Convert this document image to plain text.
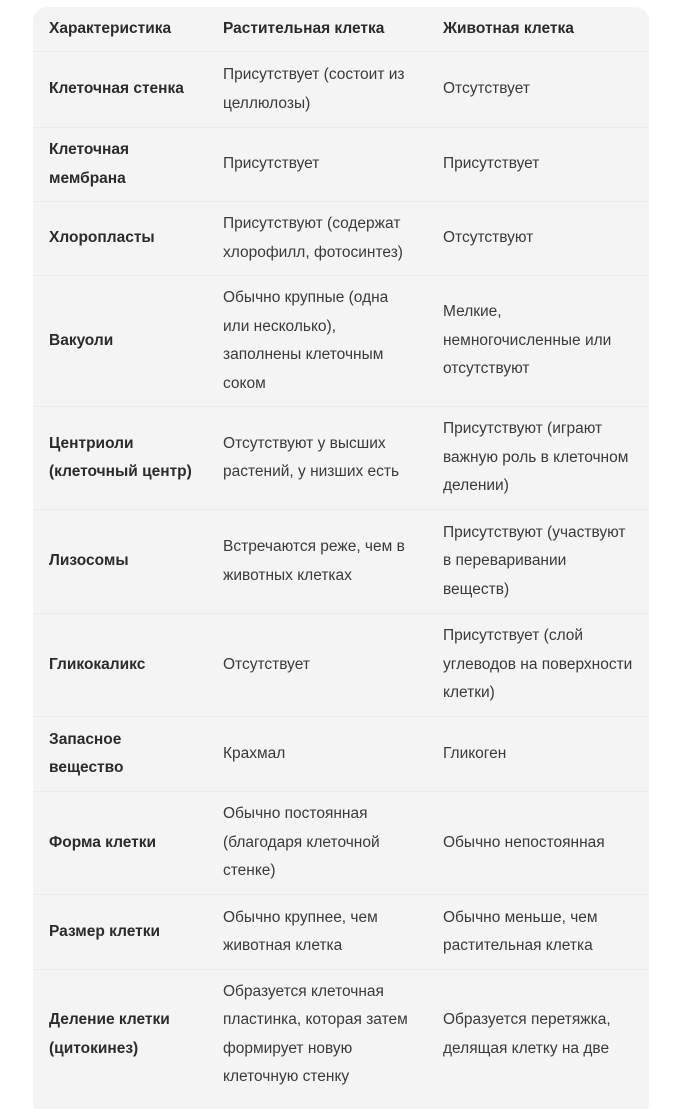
Характеристика	Растительная клетка	Животная клетка
Клеточная стенка	Присутствует (состоит из целлюлозы)	Отсутствует
Клеточная мембрана	Присутствует	Присутствует
Хлоропласты	Присутствуют (содержат хлорофилл, фотосинтез)	Отсутствуют
Вакуоли	Обычно крупные (одна или несколько), заполнены клеточным соком	Мелкие, немногочисленные или отсутствуют
Центриоли (клеточный центр)	Отсутствуют у высших растений, у низших есть	Присутствуют (играют важную роль в клеточном делении)
Лизосомы	Встречаются реже, чем в животных клетках	Присутствуют (участвуют в переваривании веществ)
Гликокаликс	Отсутствует	Присутствует (слой углеводов на поверхности клетки)
Запасное вещество	Крахмал	Гликоген
Форма клетки	Обычно постоянная (благодаря клеточной стенке)	Обычно непостоянная
Размер клетки	Обычно крупнее, чем животная клетка	Обычно меньше, чем растительная клетка
Деление клетки (цитокинез)	Образуется клеточная пластинка, которая затем формирует новую клеточную стенку	Образуется перетяжка, делящая клетку на две
